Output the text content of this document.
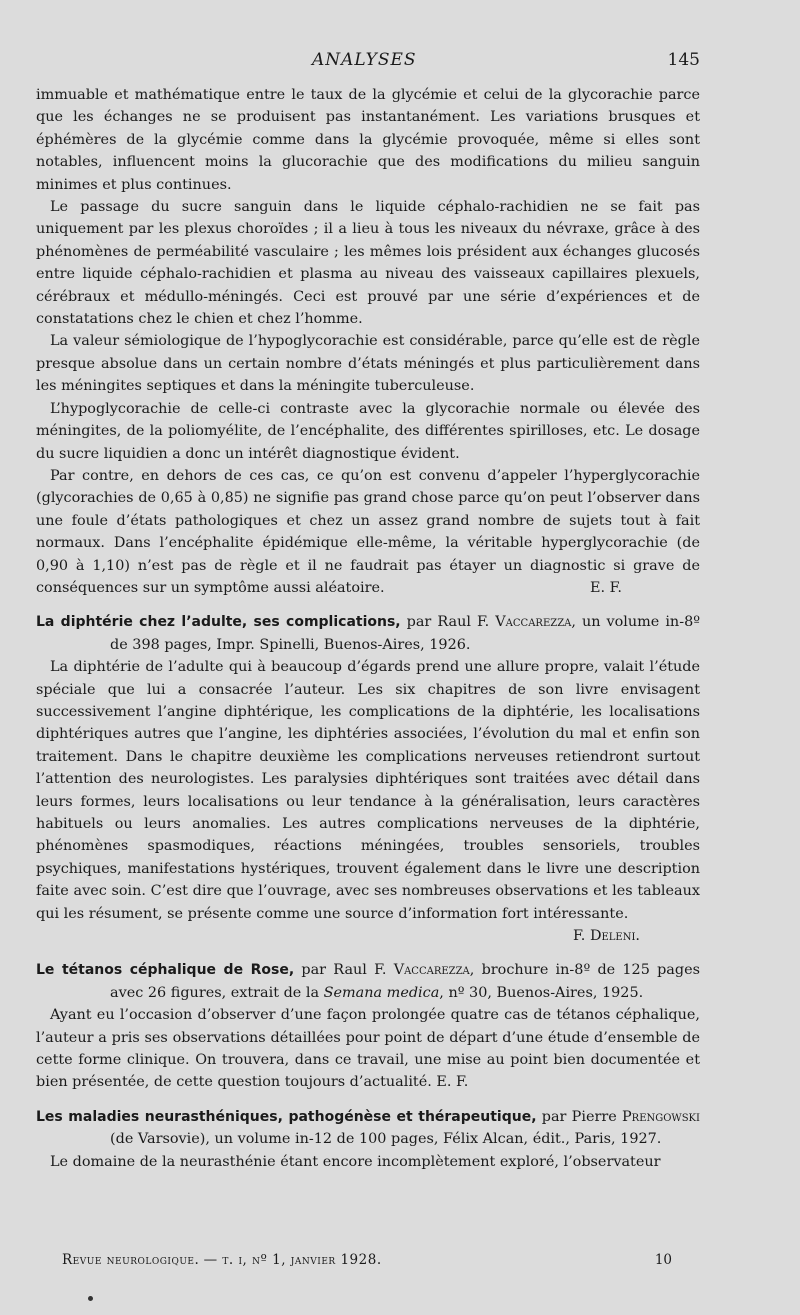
ANALYSES	145

immuable et mathématique entre le taux de la glycémie et celui de la glycorachie parce que les échanges ne se produisent pas instantanément. Les variations brusques et éphémères de la glycémie comme dans la glycémie provoquée, même si elles sont notables, influencent moins la glucorachie que des modifications du milieu sanguin minimes et plus continues.

Le passage du sucre sanguin dans le liquide céphalo-rachidien ne se fait pas uniquement par les plexus choroïdes ; il a lieu à tous les niveaux du névraxe, grâce à des phénomènes de perméabilité vasculaire ; les mêmes lois président aux échanges glucosés entre liquide céphalo-rachidien et plasma au niveau des vaisseaux capillaires plexuels, cérébraux et médullo-méningés. Ceci est prouvé par une série d’expériences et de constatations chez le chien et chez l’homme.

La valeur sémiologique de l’hypoglycorachie est considérable, parce qu’elle est de règle presque absolue dans un certain nombre d’états méningés et plus particulièrement dans les méningites septiques et dans la méningite tuberculeuse.

L’hypoglycorachie de celle-ci contraste avec la glycorachie normale ou élevée des méningites, de la poliomyélite, de l’encéphalite, des différentes spirilloses, etc. Le dosage du sucre liquidien a donc un intérêt diagnostique évident.

Par contre, en dehors de ces cas, ce qu’on est convenu d’appeler l’hyperglycorachie (glycorachies de 0,65 à 0,85) ne signifie pas grand chose parce qu’on peut l’observer dans une foule d’états pathologiques et chez un assez grand nombre de sujets tout à fait normaux. Dans l’encéphalite épidémique elle-même, la véritable hyperglycorachie (de 0,90 à 1,10) n’est pas de règle et il ne faudrait pas étayer un diagnostic si grave de conséquences sur un symptôme aussi aléatoire.	E. F.

La diphtérie chez l’adulte, ses complications, par Raul F. Vaccarezza, un volume in-8º de 398 pages, Impr. Spinelli, Buenos-Aires, 1926.

La diphtérie de l’adulte qui à beaucoup d’égards prend une allure propre, valait l’étude spéciale que lui a consacrée l’auteur. Les six chapitres de son livre envisagent successivement l’angine diphtérique, les complications de la diphtérie, les localisations diphtériques autres que l’angine, les diphtéries associées, l’évolution du mal et enfin son traitement. Dans le chapitre deuxième les complications nerveuses retiendront surtout l’attention des neurologistes. Les paralysies diphtériques sont traitées avec détail dans leurs formes, leurs localisations ou leur tendance à la généralisation, leurs caractères habituels ou leurs anomalies. Les autres complications nerveuses de la diphtérie, phénomènes spasmodiques, réactions méningées, troubles sensoriels, troubles psychiques, manifestations hystériques, trouvent également dans le livre une description faite avec soin. C’est dire que l’ouvrage, avec ses nombreuses observations et les tableaux qui les résument, se présente comme une source d’information fort intéressante.

F. Deleni.

Le tétanos céphalique de Rose, par Raul F. Vaccarezza, brochure in-8º de 125 pages avec 26 figures, extrait de la Semana medica, nº 30, Buenos-Aires, 1925.

Ayant eu l’occasion d’observer d’une façon prolongée quatre cas de tétanos céphalique, l’auteur a pris ses observations détaillées pour point de départ d’une étude d’ensemble de cette forme clinique. On trouvera, dans ce travail, une mise au point bien documentée et bien présentée, de cette question toujours d’actualité. E. F.

Les maladies neurasthéniques, pathogénèse et thérapeutique, par Pierre Prengowski (de Varsovie), un volume in-12 de 100 pages, Félix Alcan, édit., Paris, 1927.

Le domaine de la neurasthénie étant encore incomplètement exploré, l’observateur

Revue neurologique. — t. i, nº 1, janvier 1928.	10
